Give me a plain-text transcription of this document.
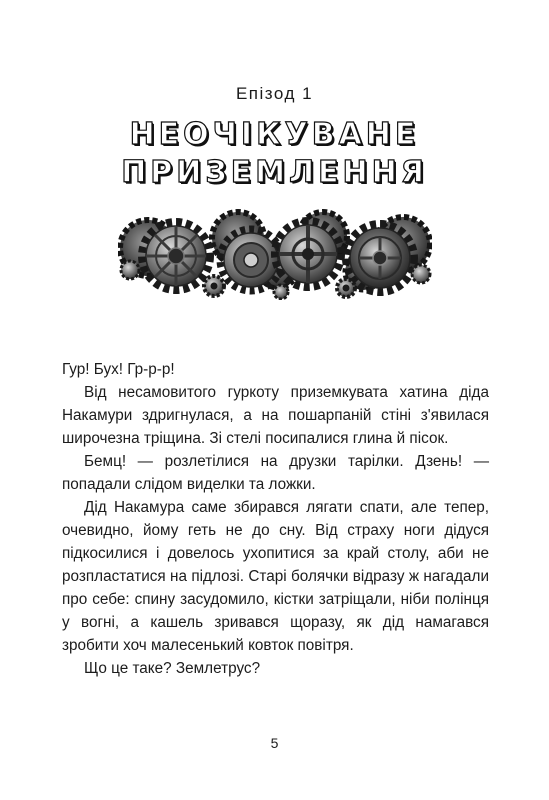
Епізод 1
НЕОЧІКУВАНЕ
ПРИЗЕМЛЕННЯ

Гур! Бух! Гр-р-р!

Від несамовитого гуркоту приземкувата хатина діда Накамури здригнулася, а на пошарпаній стіні з'явилася широчезна тріщина. Зі стелі посипалися глина й пісок.

Бемц! — розлетілися на друзки тарілки. Дзень! — попадали слідом виделки та ложки.

Дід Накамура саме збирався лягати спати, але тепер, очевидно, йому геть не до сну. Від страху ноги дідуся підкосилися і довелось ухопитися за край столу, аби не розпластатися на підлозі. Старі болячки відразу ж нагадали про себе: спину засудомило, кістки затріщали, ніби полінця у вогні, а кашель зривався щоразу, як дід намагався зробити хоч малесенький ковток повітря.

Що це таке? Землетрус?

5
